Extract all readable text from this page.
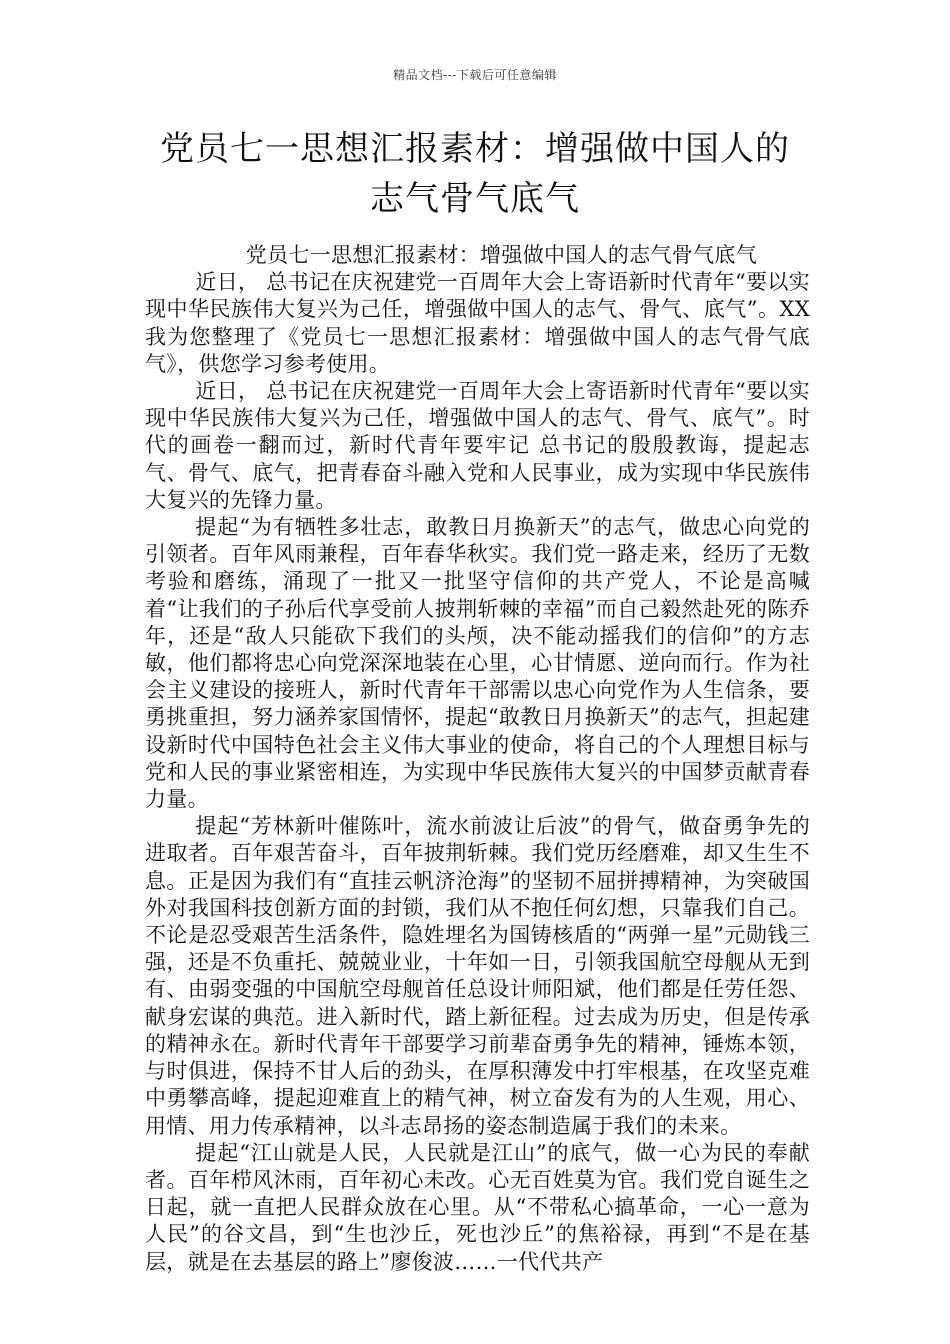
精品文档---下载后可任意编辑
党员七一思想汇报素材：增强做中国人的
志气骨气底气

党员七一思想汇报素材：增强做中国人的志气骨气底气

近日， 总书记在庆祝建党一百周年大会上寄语新时代青年“要以实现中华民族伟大复兴为己任，增强做中国人的志气、骨气、底气”。XX我为您整理了《党员七一思想汇报素材：增强做中国人的志气骨气底气》，供您学习参考使用。

近日， 总书记在庆祝建党一百周年大会上寄语新时代青年“要以实现中华民族伟大复兴为己任，增强做中国人的志气、骨气、底气”。时代的画卷一翻而过，新时代青年要牢记 总书记的殷殷教诲，提起志气、骨气、底气，把青春奋斗融入党和人民事业，成为实现中华民族伟大复兴的先锋力量。

提起“为有牺牲多壮志，敢教日月换新天”的志气，做忠心向党的引领者。百年风雨兼程，百年春华秋实。我们党一路走来，经历了无数考验和磨练，涌现了一批又一批坚守信仰的共产党人，不论是高喊着“让我们的子孙后代享受前人披荆斩棘的幸福”而自己毅然赴死的陈乔年，还是“敌人只能砍下我们的头颅，决不能动摇我们的信仰”的方志敏，他们都将忠心向党深深地装在心里，心甘情愿、逆向而行。作为社会主义建设的接班人，新时代青年干部需以忠心向党作为人生信条，要勇挑重担，努力涵养家国情怀，提起“敢教日月换新天”的志气，担起建设新时代中国特色社会主义伟大事业的使命，将自己的个人理想目标与党和人民的事业紧密相连，为实现中华民族伟大复兴的中国梦贡献青春力量。

提起“芳林新叶催陈叶，流水前波让后波”的骨气，做奋勇争先的进取者。百年艰苦奋斗，百年披荆斩棘。我们党历经磨难，却又生生不息。正是因为我们有“直挂云帆济沧海”的坚韧不屈拼搏精神，为突破国外对我国科技创新方面的封锁，我们从不抱任何幻想，只靠我们自己。不论是忍受艰苦生活条件，隐姓埋名为国铸核盾的“两弹一星”元勋钱三强，还是不负重托、兢兢业业，十年如一日，引领我国航空母舰从无到有、由弱变强的中国航空母舰首任总设计师阳斌，他们都是任劳任怨、献身宏谋的典范。进入新时代，踏上新征程。过去成为历史，但是传承的精神永在。新时代青年干部要学习前辈奋勇争先的精神，锤炼本领，与时俱进，保持不甘人后的劲头，在厚积薄发中打牢根基，在攻坚克难中勇攀高峰，提起迎难直上的精气神，树立奋发有为的人生观，用心、用情、用力传承精神，以斗志昂扬的姿态制造属于我们的未来。

提起“江山就是人民，人民就是江山”的底气，做一心为民的奉献者。百年栉风沐雨，百年初心未改。心无百姓莫为官。我们党自诞生之日起，就一直把人民群众放在心里。从“不带私心搞革命，一心一意为人民”的谷文昌，到“生也沙丘，死也沙丘”的焦裕禄，再到“不是在基层，就是在去基层的路上”廖俊波……一代代共产
